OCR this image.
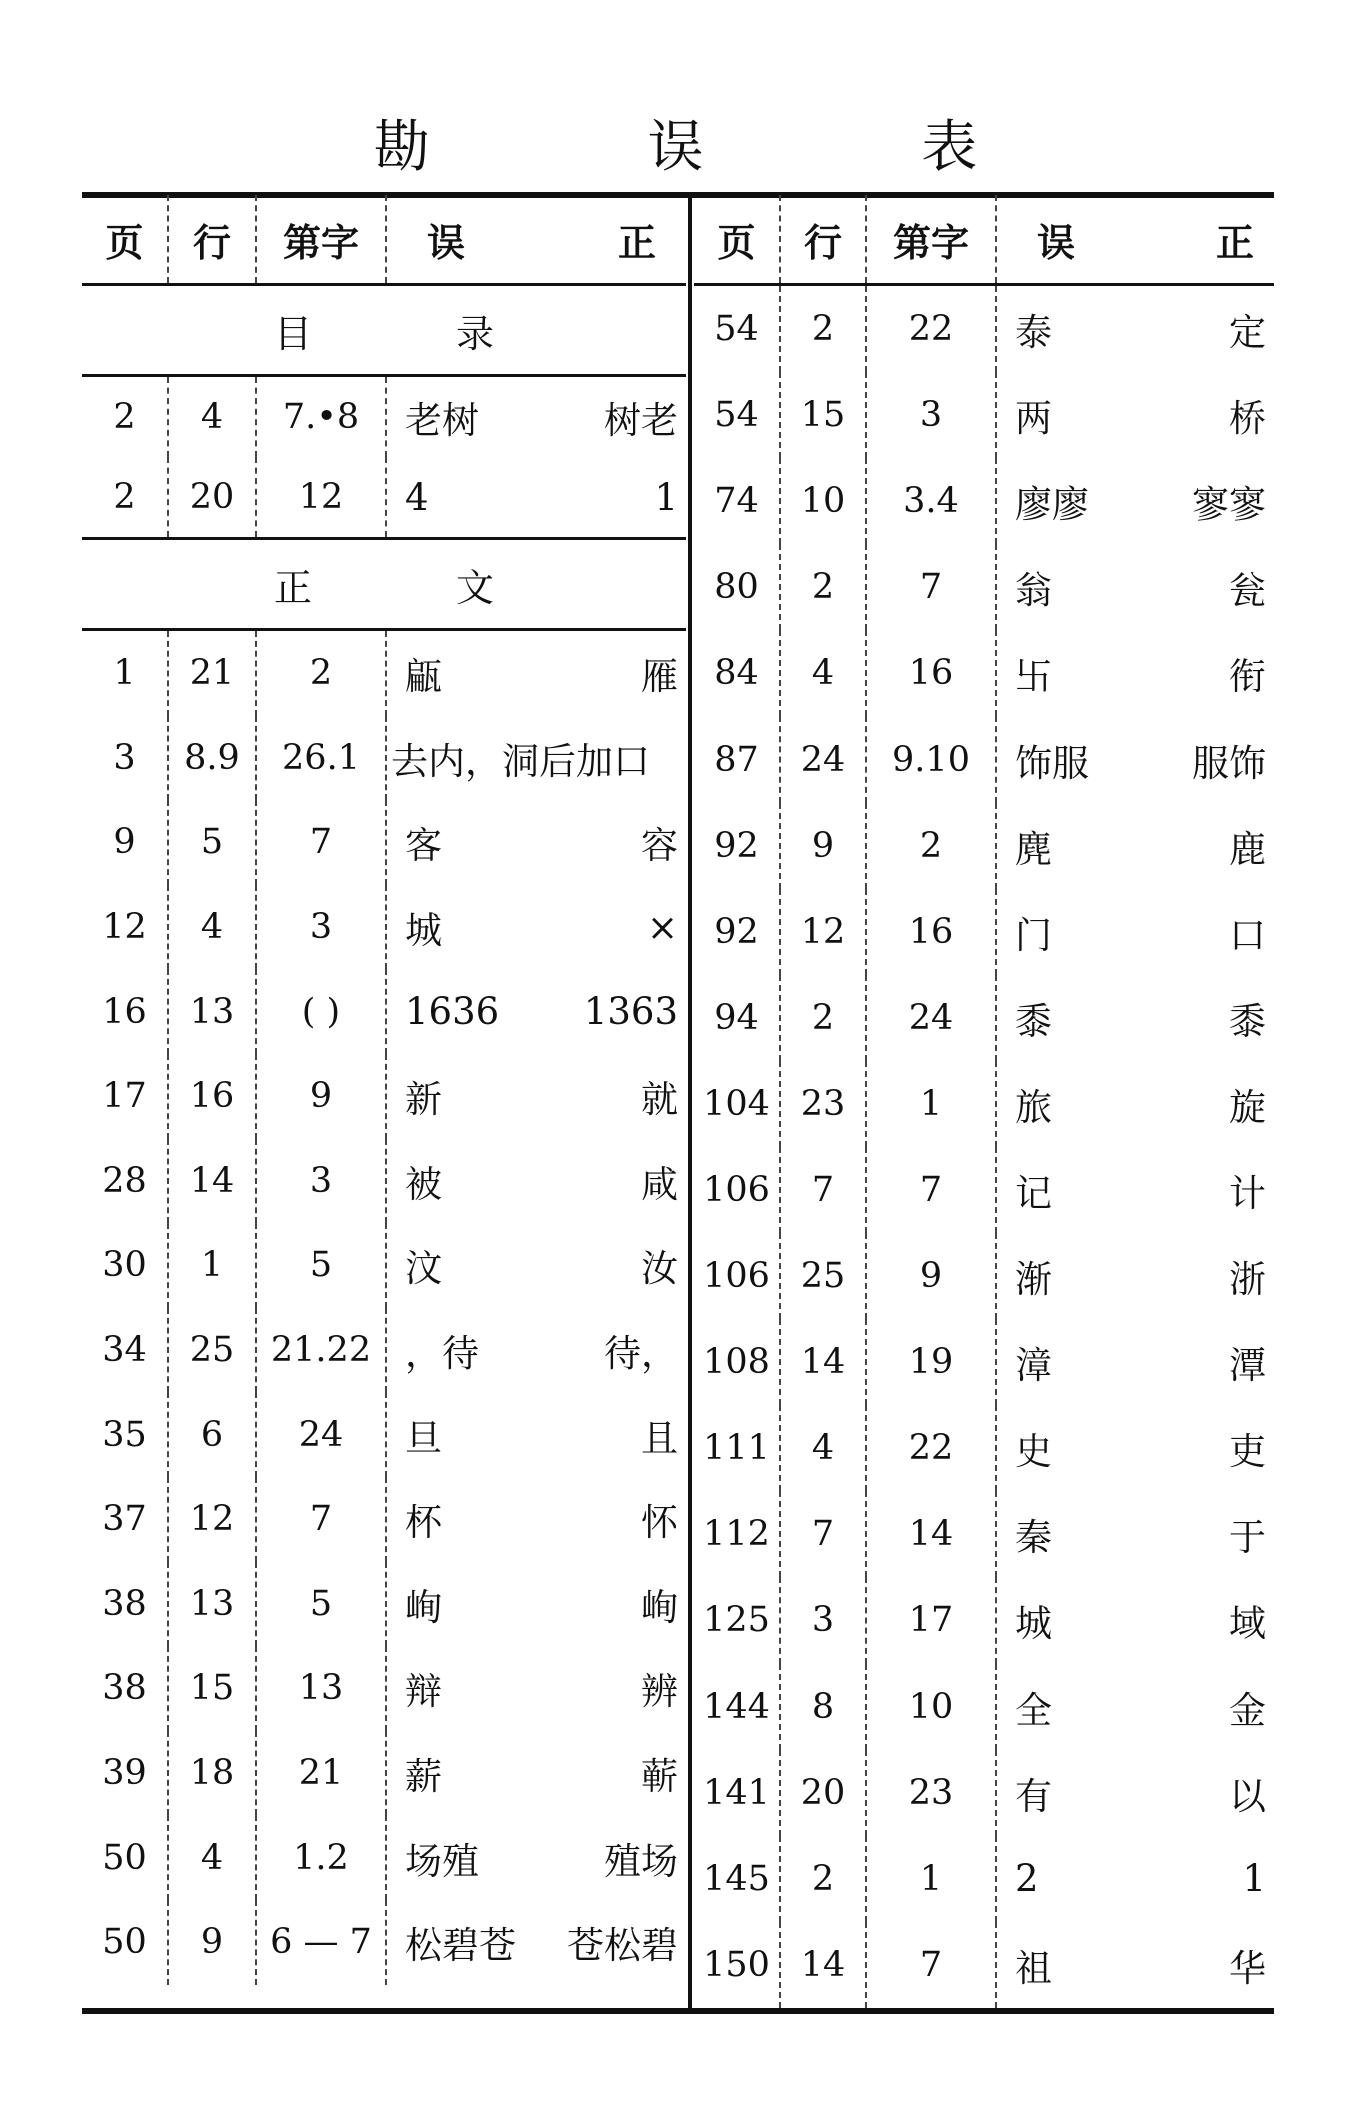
勘 误 表
页	行	第字	误	正

目 录				

2	4	7.•8	老树	树老
2	20	12	4	1

正 文				

1	21	2	甂	雁
3	8.9	26.1	去内，洞后加口	
9	5	7	客	容
12	4	3	城	×
16	13	( )	1636	1363
17	16	9	新	就
28	14	3	被	咸
30	1	5	汶	汝
34	25	21.22	，待	待，
35	6	24	旦	且
37	12	7	杯	怀
38	13	5	峋	峋
38	15	13	辩	辨
39	18	21	薪	蕲
50	4	1.2	场殖	殖场
50	9	6 — 7	松碧苍	苍松碧
页	行	第字	误	正
54	2	22	泰	定
54	15	3	两	桥
74	10	3.4	廖廖	寥寥
80	2	7	翁	瓮
84	4	16	卐	衔
87	24	9.10	饰服	服饰
92	9	2	麂	鹿
92	12	16	门	口
94	2	24	黍	黍
104	23	1	旅	旋
106	7	7	记	计
106	25	9	渐	浙
108	14	19	漳	潭
111	4	22	史	吏
112	7	14	秦	于
125	3	17	城	域
144	8	10	全	金
141	20	23	有	以
145	2	1	2	1
150	14	7	祖	华
